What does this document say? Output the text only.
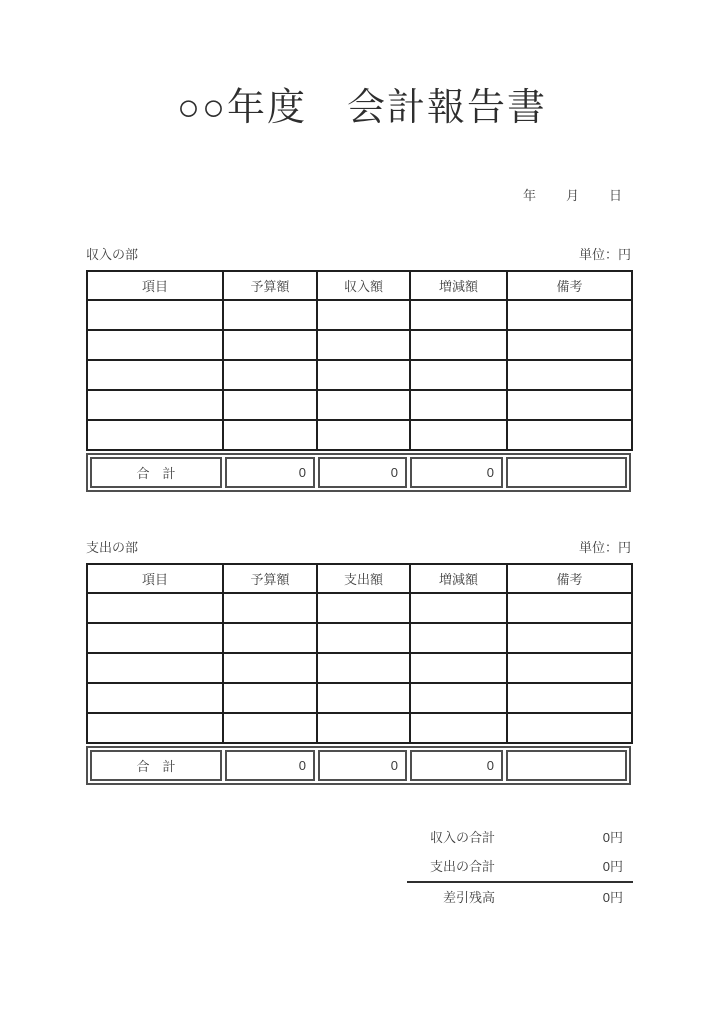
○○年度　会計報告書
年 月 日
収入の部	単位：円
項目	予算額	収入額	増減額	備考

合　計	0	0	0
支出の部	単位：円
項目	予算額	支出額	増減額	備考

合　計	0	0	0
収入の合計	0円
支出の合計	0円
差引残高	0円
